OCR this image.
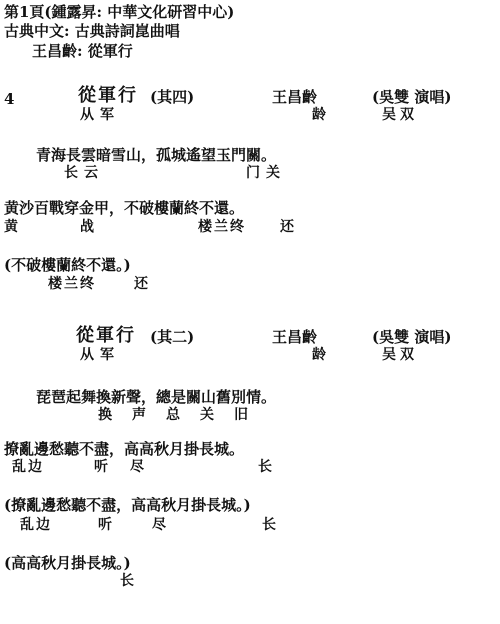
第1頁(鍾露昇: 中華文化研習中心)
古典中文: 古典詩詞崑曲唱
王昌齡: 從軍行
4	從軍行 (其四)	王昌齡	(吳雙 演唱)
从军	龄	吴双
青海長雲暗雪山，孤城遙望玉門關。
长云	门关
黄沙百戰穿金甲，不破樓蘭終不還。
黄	战	楼兰终 还
(不破樓蘭終不還。)
楼兰终	还
從軍行 (其二)	王昌齡	(吳雙 演唱)
从军	龄	吴双
琵琶起舞換新聲，總是關山舊別情。
换声总关旧
撩亂邊愁聽不盡，高高秋月掛長城。
乱边	听 尽	长
(撩亂邊愁聽不盡，高高秋月掛長城。)
乱边	听	尽	长
(高高秋月掛長城。)
长
